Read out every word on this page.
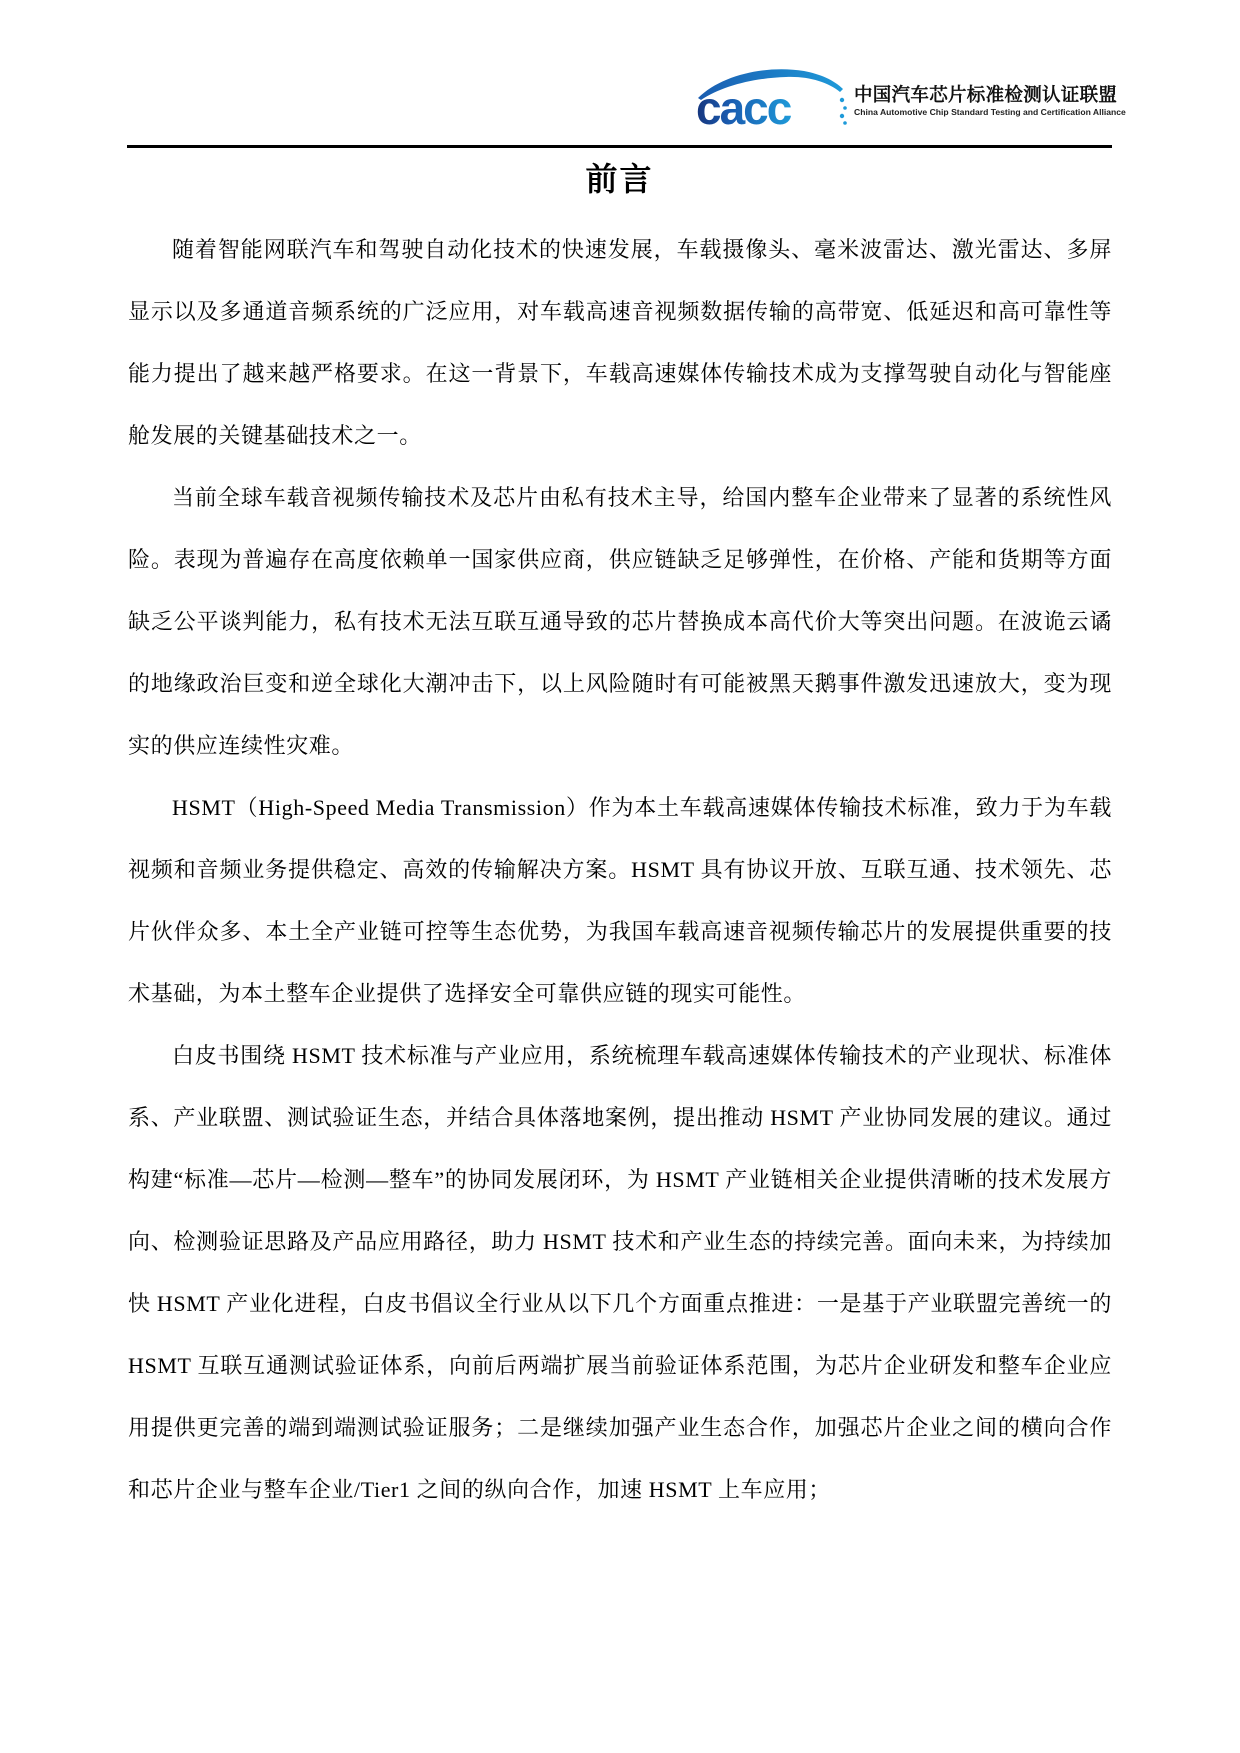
cacc	中国汽车芯片标准检测认证联盟
China Automotive Chip Standard Testing and Certification Alliance
前言

随着智能网联汽车和驾驶自动化技术的快速发展，车载摄像头、毫米波雷达、激光雷达、多屏显示以及多通道音频系统的广泛应用，对车载高速音视频数据传输的高带宽、低延迟和高可靠性等能力提出了越来越严格要求。在这一背景下，车载高速媒体传输技术成为支撑驾驶自动化与智能座舱发展的关键基础技术之一。

当前全球车载音视频传输技术及芯片由私有技术主导，给国内整车企业带来了显著的系统性风险。表现为普遍存在高度依赖单一国家供应商，供应链缺乏足够弹性，在价格、产能和货期等方面缺乏公平谈判能力，私有技术无法互联互通导致的芯片替换成本高代价大等突出问题。在波诡云谲的地缘政治巨变和逆全球化大潮冲击下，以上风险随时有可能被黑天鹅事件激发迅速放大，变为现实的供应连续性灾难。

HSMT（High-Speed Media Transmission）作为本土车载高速媒体传输技术标准，致力于为车载视频和音频业务提供稳定、高效的传输解决方案。HSMT 具有协议开放、互联互通、技术领先、芯片伙伴众多、本土全产业链可控等生态优势，为我国车载高速音视频传输芯片的发展提供重要的技术基础，为本土整车企业提供了选择安全可靠供应链的现实可能性。

白皮书围绕 HSMT 技术标准与产业应用，系统梳理车载高速媒体传输技术的产业现状、标准体系、产业联盟、测试验证生态，并结合具体落地案例，提出推动 HSMT 产业协同发展的建议。通过构建“标准—芯片—检测—整车”的协同发展闭环，为 HSMT 产业链相关企业提供清晰的技术发展方向、检测验证思路及产品应用路径，助力 HSMT 技术和产业生态的持续完善。面向未来，为持续加快 HSMT 产业化进程，白皮书倡议全行业从以下几个方面重点推进：一是基于产业联盟完善统一的 HSMT 互联互通测试验证体系，向前后两端扩展当前验证体系范围，为芯片企业研发和整车企业应用提供更完善的端到端测试验证服务；二是继续加强产业生态合作，加强芯片企业之间的横向合作和芯片企业与整车企业/Tier1 之间的纵向合作，加速 HSMT 上车应用；
